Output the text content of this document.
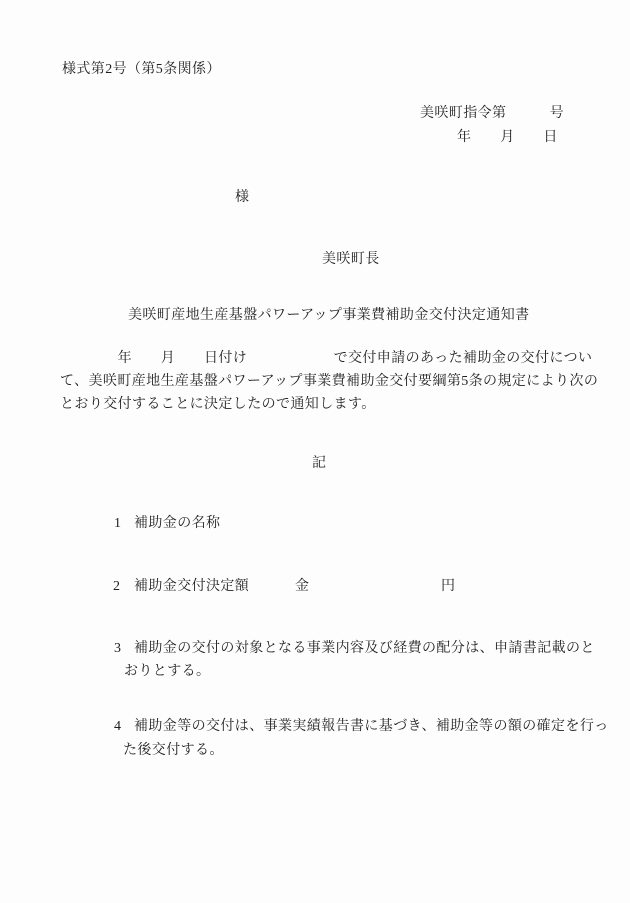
様式第2号（第5条関係）
美咲町指令第　　　号
年　　月　　日
様
美咲町長
美咲町産地生産基盤パワーアップ事業費補助金交付決定通知書
　　　　年　　月　　日付け　　　　　　で交付申請のあった補助金の交付につい
て、美咲町産地生産基盤パワーアップ事業費補助金交付要綱第5条の規定により次の
とおり交付することに決定したので通知します。
記
1 補助金の名称
2 補助金交付決定額	金	円
3 補助金の交付の対象となる事業内容及び経費の配分は、申請書記載のと
おりとする。
4 補助金等の交付は、事業実績報告書に基づき、補助金等の額の確定を行っ
た後交付する。
